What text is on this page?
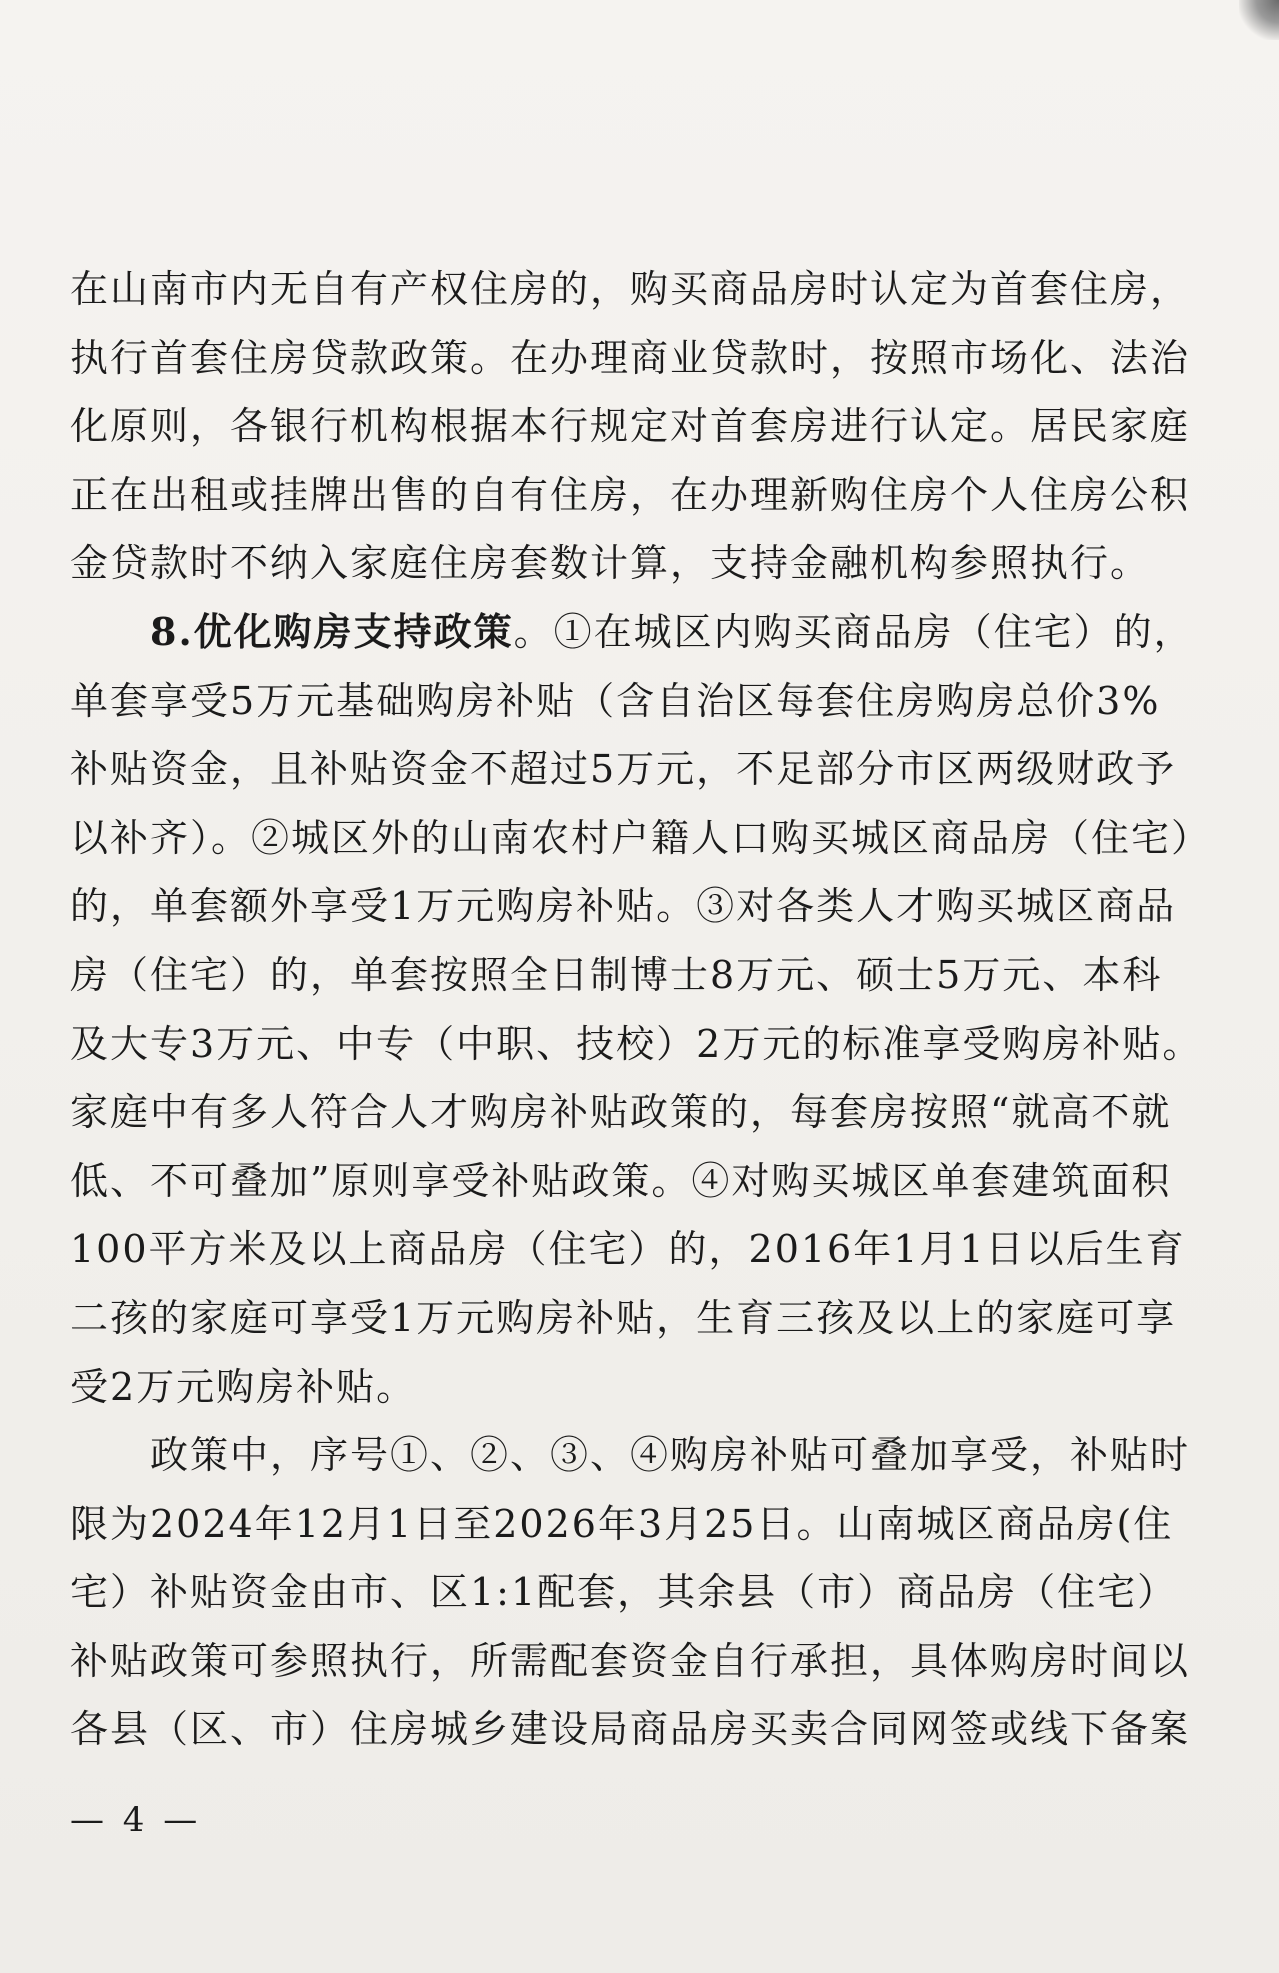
在山南市内无自有产权住房的，购买商品房时认定为首套住房，
执行首套住房贷款政策。在办理商业贷款时，按照市场化、法治
化原则，各银行机构根据本行规定对首套房进行认定。居民家庭
正在出租或挂牌出售的自有住房，在办理新购住房个人住房公积
金贷款时不纳入家庭住房套数计算，支持金融机构参照执行。
8.优化购房支持政策。①在城区内购买商品房（住宅）的，
单套享受5万元基础购房补贴（含自治区每套住房购房总价3%
补贴资金，且补贴资金不超过5万元，不足部分市区两级财政予
以补齐）。②城区外的山南农村户籍人口购买城区商品房（住宅）
的，单套额外享受1万元购房补贴。③对各类人才购买城区商品
房（住宅）的，单套按照全日制博士8万元、硕士5万元、本科
及大专3万元、中专（中职、技校）2万元的标准享受购房补贴。
家庭中有多人符合人才购房补贴政策的，每套房按照“就高不就
低、不可叠加”原则享受补贴政策。④对购买城区单套建筑面积
100平方米及以上商品房（住宅）的，2016年1月1日以后生育
二孩的家庭可享受1万元购房补贴，生育三孩及以上的家庭可享
受2万元购房补贴。
政策中，序号①、②、③、④购房补贴可叠加享受，补贴时
限为2024年12月1日至2026年3月25日。山南城区商品房(住
宅）补贴资金由市、区1:1配套，其余县（市）商品房（住宅）
补贴政策可参照执行，所需配套资金自行承担，具体购房时间以
各县（区、市）住房城乡建设局商品房买卖合同网签或线下备案
— 4 —
